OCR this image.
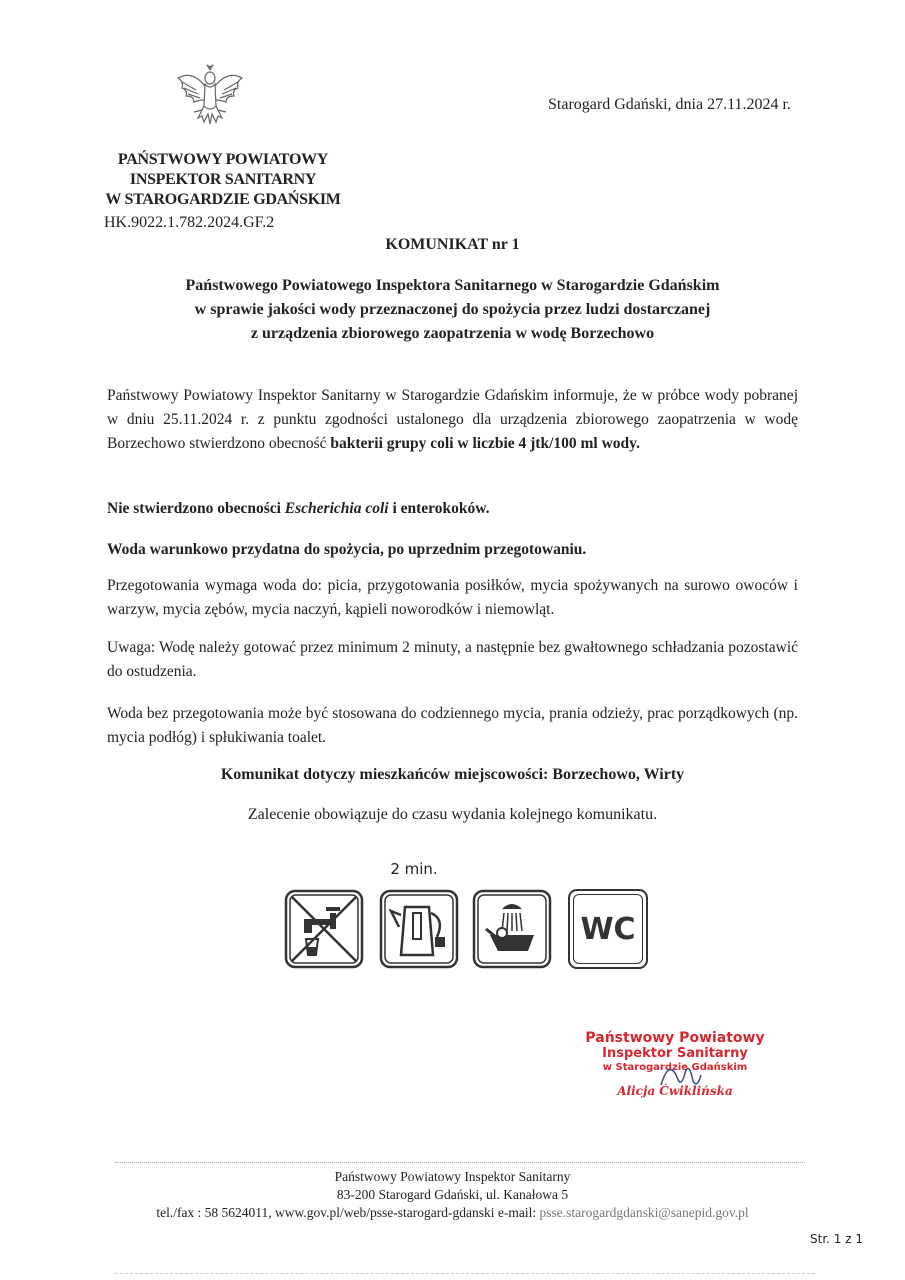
Starogard Gdański, dnia 27.11.2024 r.
PAŃSTWOWY POWIATOWY
INSPEKTOR SANITARNY
W STAROGARDZIE GDAŃSKIM
HK.9022.1.782.2024.GF.2
KOMUNIKAT nr 1
Państwowego Powiatowego Inspektora Sanitarnego w Starogardzie Gdańskim
w sprawie jakości wody przeznaczonej do spożycia przez ludzi dostarczanej
z urządzenia zbiorowego zaopatrzenia w wodę Borzechowo
Państwowy Powiatowy Inspektor Sanitarny w Starogardzie Gdańskim informuje, że w próbce wody pobranej w dniu 25.11.2024 r. z punktu zgodności ustalonego dla urządzenia zbiorowego zaopatrzenia w wodę Borzechowo stwierdzono obecność bakterii grupy coli w liczbie 4 jtk/100 ml wody.
Nie stwierdzono obecności Escherichia coli i enterokoków.
Woda warunkowo przydatna do spożycia, po uprzednim przegotowaniu.
Przegotowania wymaga woda do: picia, przygotowania posiłków, mycia spożywanych na surowo owoców i warzyw, mycia zębów, mycia naczyń, kąpieli noworodków i niemowląt.
Uwaga: Wodę należy gotować przez minimum 2 minuty, a następnie bez gwałtownego schładzania pozostawić do ostudzenia.
Woda bez przegotowania może być stosowana do codziennego mycia, prania odzieży, prac porządkowych (np. mycia podłóg) i spłukiwania toalet.
Komunikat dotyczy mieszkańców miejscowości: Borzechowo, Wirty
Zalecenie obowiązuje do czasu wydania kolejnego komunikatu.
2 min.
WC
Państwowy Powiatowy
Inspektor Sanitarny
w Starogardzie Gdańskim
Alicja Ćwiklińska
Państwowy Powiatowy Inspektor Sanitarny
83-200 Starogard Gdański, ul. Kanałowa 5
tel./fax : 58 5624011, www.gov.pl/web/psse-starogard-gdanski e-mail: psse.starogardgdanski@sanepid.gov.pl
Str. 1 z 1
